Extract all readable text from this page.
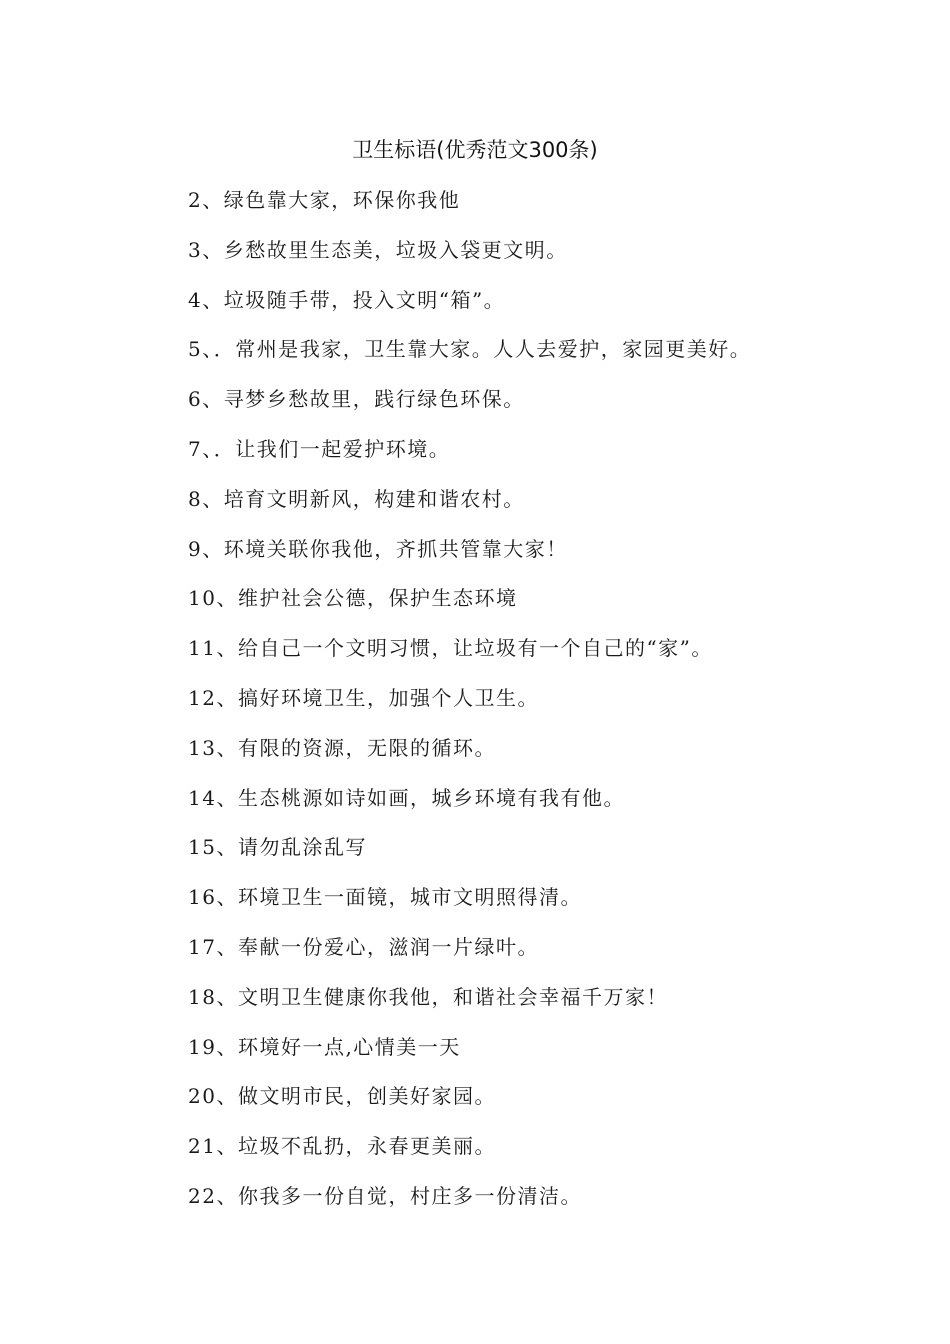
卫生标语(优秀范文300条)
2、绿色靠大家，环保你我他
3、乡愁故里生态美，垃圾入袋更文明。
4、垃圾随手带，投入文明“箱”。
5、．常州是我家，卫生靠大家。人人去爱护，家园更美好。
6、寻梦乡愁故里，践行绿色环保。
7、．让我们一起爱护环境。
8、培育文明新风，构建和谐农村。
9、环境关联你我他，齐抓共管靠大家！
10、维护社会公德，保护生态环境
11、给自己一个文明习惯，让垃圾有一个自己的“家”。
12、搞好环境卫生，加强个人卫生。
13、有限的资源，无限的循环。
14、生态桃源如诗如画，城乡环境有我有他。
15、请勿乱涂乱写
16、环境卫生一面镜，城市文明照得清。
17、奉献一份爱心，滋润一片绿叶。
18、文明卫生健康你我他，和谐社会幸福千万家！
19、环境好一点,心情美一天
20、做文明市民，创美好家园。
21、垃圾不乱扔，永春更美丽。
22、你我多一份自觉，村庄多一份清洁。
